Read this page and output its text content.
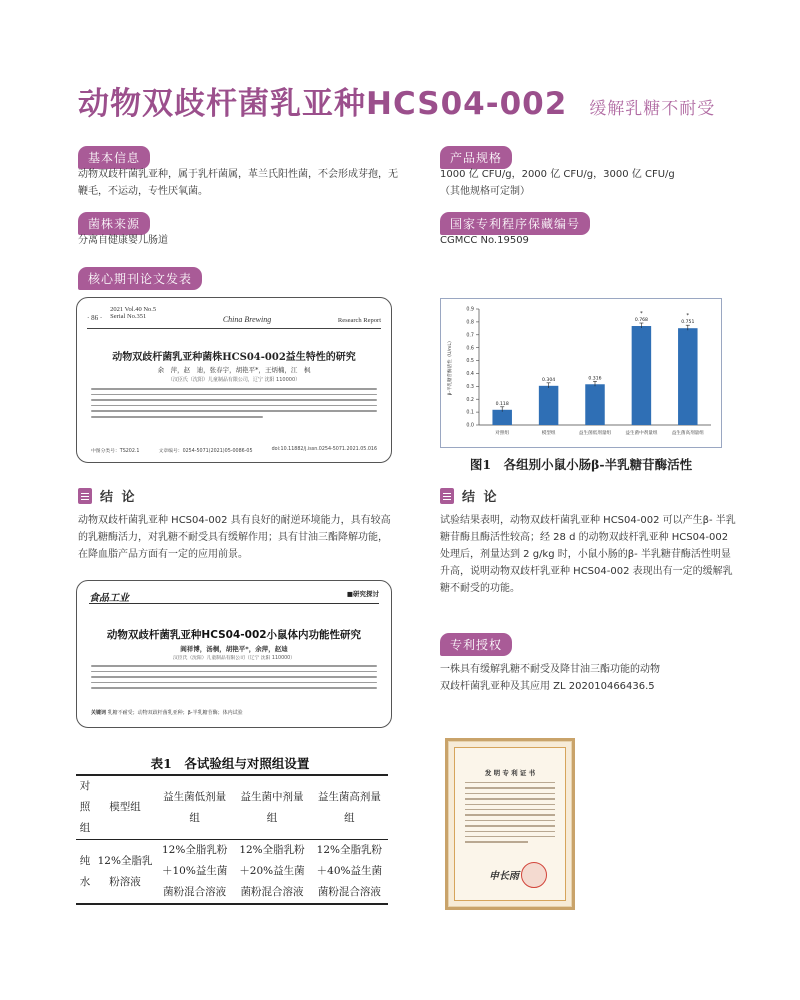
动物双歧杆菌乳亚种HCS04-002 缓解乳糖不耐受
基本信息
动物双歧杆菌乳亚种，属于乳杆菌属，革兰氏阳性菌，不会形成芽孢，无鞭毛，不运动，专性厌氧菌。
产品规格
1000 亿 CFU/g，2000 亿 CFU/g，3000 亿 CFU/g
（其他规格可定制）
菌株来源
分离自健康婴儿肠道
国家专利程序保藏编号
CGMCC No.19509
核心期刊论文发表
· 86 ·
2021 Vol.40 No.5
Serial No.351	China Brewing	Research Report
动物双歧杆菌乳亚种菌株HCS04-002益生特性的研究
余　萍，赵　迪，张春宇，胡艳平*，王炳楠，江　枫
（汉臣氏（沈阳）儿童制品有限公司，辽宁 沈阳 110000）
中图分类号：TS202.1	文章编号：0254-5071(2021)05-0086-05	doi:10.11882/j.issn.0254-5071.2021.05.016
β-半乳糖苷酶活性（U/mL）
0.0
0.1
0.2
0.3
0.4
0.5
0.6
0.7
0.8
0.9
0.118
对照组
0.304
模型组
0.316
益生菌低剂量组
0.768
*
益生菌中剂量组
0.751
*
益生菌高剂量组
图1　各组别小鼠小肠β-半乳糖苷酶活性
结 论
动物双歧杆菌乳亚种 HCS04-002 具有良好的耐逆环境能力，具有较高的乳糖酶活力，对乳糖不耐受具有缓解作用；具有甘油三酯降解功能，在降血脂产品方面有一定的应用前景。
结 论
试验结果表明，动物双歧杆菌乳亚种 HCS04-002 可以产生β- 半乳糖苷酶且酶活性较高；经 28 d 的动物双歧杆乳亚种 HCS04-002 处理后，剂量达到 2 g/kg 时，小鼠小肠的β- 半乳糖苷酶活性明显升高，说明动物双歧杆乳亚种 HCS04-002 表现出有一定的缓解乳糖不耐受的功能。
食品工业	■研究探讨
动物双歧杆菌乳亚种HCS04-002小鼠体内功能性研究
阎祥博，汤桐，胡艳平*，余萍，赵迪
汉臣氏（沈阳）儿童制品有限公司（辽宁 沈阳 110000）
关键词 乳糖不耐受；动物双歧杆菌乳亚种；β-半乳糖苷酶；体内试验
表1　各试验组与对照组设置
对照组	模型组	益生菌低剂量组	益生菌中剂量组	益生菌高剂量组
纯水	12%全脂乳粉溶液	12%全脂乳粉＋10%益生菌菌粉混合溶液	12%全脂乳粉＋20%益生菌菌粉混合溶液	12%全脂乳粉＋40%益生菌菌粉混合溶液
专利授权
一株具有缓解乳糖不耐受及降甘油三酯功能的动物
双歧杆菌乳亚种及其应用 ZL 202010466436.5
发 明 专 利 证 书
申长雨
